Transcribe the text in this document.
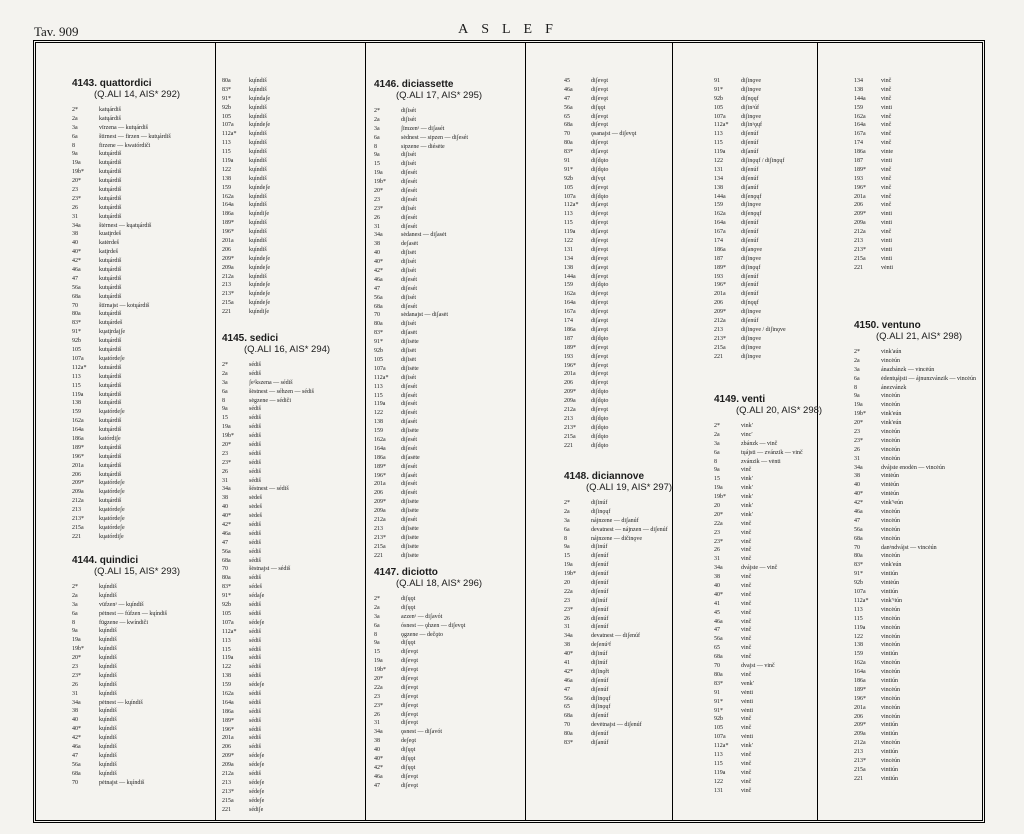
Tav. 909	ASLEF
4143. quattordici
(Q.ALI 14, AIS* 292)
2*	katųárdiš
2a	katųárdiš
3a	vīrzena — kutųárdiš
6a	štirnest — firzen — kutųárdiš
8	firzene — kwatórdiči
9a	kutųárdiš
19a	kutųárdiš
19b*	kutųárdiš
20*	kutųárdiš
23	kutųárdiš
23*	kutųárdiš
26	kutųárdiš
31	kutųárdiš
34a	štėrnest — kųatųárdiš
38	kuatįrdeš
40	katėrdeš
40*	katįrdeš
42*	kutųárdiš
46a	kutųárdiš
47	kutųárdiš
56a	kutųárdiš
68a	kutųárdiš
70	štīrnajst — kotųárdiš
80a	kutųárdiš
83*	kutųárdeš
91*	kųatįrdajʃe
92b	kutųárdiš
105	kutųárdiš
107a	kųatórdeʃe
112a*	kutuárdiš
113	kutųárdiš
115	kutųárdiš
119a	kutųárdiš
138	kutųárdiš
159	kųatórdeʃe
162a	kutųárdiš
164a	kutųárdiš
186a	katórdiʃe
189*	kutųárdiš
196*	kutųárdiš
201a	kutųárdiš
206	kutųárdiš
209*	kųatórdeʃe
209a	kųatórdeʃe
212a	kutųárdiš
213	kųatórdeʃe
213*	kųatórdeʃe
215a	kųatórdeʃe
221	kųatórdiʃe
4144. quindici
(Q.ALI 15, AIS* 293)
2*	kųíndiš
2a	kųíndiš
3a	vūfzenᵃ — kųíndiš
6a	pėtnest — fúfzen — kųíndiš
8	fūgzene — kwíndiči
9a	kųíndiš
19a	kųíndiš
19b*	kųíndiš
20*	kųíndiš
23	kųíndiš
23*	kųíndiš
26	kųíndiš
31	kųíndiš
34a	pėtnest — kųíndiš
38	kųíndiš
40	kųíndiš
40*	kųíndiš
42*	kųíndiš
46a	kųíndiš
47	kųíndiš
56a	kųíndiš
68a	kųíndiš
70	pėtnajst — kųíndiš
80a	kųíndiš
83*	kųíndiš
91*	kųíndaʃe
92b	kųíndiš
105	kųíndiš
107a	kųíndeʃe
112a*	kųíndiš
113	kųíndiš
115	kųíndiš
119a	kųíndiš
122	kųíndiš
138	kųíndiš
159	kųíndeʃe
162a	kųíndiš
164a	kųíndiš
186a	kųíndiʃe
189*	kųíndiš
196*	kųíndiš
201a	kųíndiš
206	kųíndiš
209*	kųíndeʃe
209a	kųíndeʃe
212a	kųíndiš
213	kųíndeʃe
213*	kųíndeʃe
215a	kųíndeʃe
221	kųíndiʃe
4145. sedici
(Q.ALI 16, AIS* 294)
2*	sédiš
2a	sédiš
3a	ʃeᵃkszena — sédiš
6a	šėstnest — séhzen — sédiš
8	sėgzene — sédiči
9a	sédiš
15	sédiš
19a	sédiš
19b*	sédiš
20*	sédiš
23	sédiš
23*	sédiš
26	sédiš
31	sédiš
34a	šéstnest — sédiš
38	sėdeš
40	sėdeš
40*	sėdeš
42*	sédiš
46a	sédiš
47	sédiš
56a	sédiš
68a	sédiš
70	šėstnajst — sédiš
80a	sédiš
83*	sédeš
91*	sédaʃe
92b	sédiš
105	sédiš
107a	sédeʃe
112a*	sédiš
113	sédiš
115	sédiš
119a	sédiš
122	sédiš
138	sédiš
159	sédeʃe
162a	sédiš
164a	sédiš
186a	sédiš
189*	sédiš
196*	sédiš
201a	sédiš
206	sédiš
209*	sédeʃe
209a	sédeʃe
212a	sédiš
213	sédeʃe
213*	sédeʃe
215a	sédeʃe
221	sédiʃe
4146. diciassette
(Q.ALI 17, AIS* 295)
2*	diʃisét
2a	diʃisét
3a	ʃīmzenᵃ — diʃasét
6a	sėdnest — sipzen — diʃesét
8	sipzene — diésėte
9a	diʃisét
15	diʃisét
19a	diʃesét
19b*	diʃesét
20*	diʃesét
23	diʃesét
23*	diʃisét
26	diʃesét
31	diʃesét
34a	sėdanest — diʃasėt
38	deʃasėt
40	diʃisėt
40*	diʃisét
42*	diʃisét
46a	diʃesét
47	diʃesét
56a	diʃisét
68a	diʃesét
70	sėdanajst — diʃasėt
80a	diʃisét
83*	diʃasėt
91*	diʃisėte
92b	diʃisėt
105	diʃisėt
107a	diʃisėte
112a*	diʃisét
113	diʃesét
115	diʃesét
119a	diʃesét
122	diʃesét
138	diʃasét
159	diʃisėte
162a	diʃesét
164a	diʃesét
186a	diʃasėte
189*	diʃesét
196*	diʃasét
201a	diʃesét
206	diʃesét
209*	diʃisėte
209a	diʃisėte
212a	diʃesét
213	diʃisėte
213*	diʃisėte
215a	diʃisėte
221	diʃisėte
4147. diciotto
(Q.ALI 18, AIS* 296)
2*	diʃųǫt
2a	diʃųǫt
3a	azzenᵃ — diʃavót
6a	ósnest — ǫhzen — diʃevǫt
8	ǫgzene — dečǫto
9a	diʃųǫt
15	diʃevǫt
19a	diʃevǫt
19b*	diʃevǫt
20*	diʃevǫt
22a	diʃevǫt
23	diʃevǫt
23*	diʃevǫt
26	diʃevǫt
31	diʃevǫt
34a	ǫsnest — diʃavót
38	deʃeǫt
40	diʃųǫt
40*	diʃųǫt
42*	diʃųǫt
46a	diʃevǫt
47	diʃevǫt
45	diʃevǫt
46a	diʃevǫt
47	diʃevǫt
56a	diʃųǫt
65	diʃevǫt
68a	diʃevǫt
70	ǫsanajst — diʃevǫt
80a	diʃevǫt
83*	diʃavǫt
91	diʃdǫto
91*	diʃdǫto
92b	diʃvǫt
105	diʃevǫt
107a	diʃdǫto
112a*	diʃavǫt
113	diʃevǫt
115	diʃevǫt
119a	diʃavǫt
122	diʃevǫt
131	diʃevǫt
134	diʃevǫt
138	diʃavǫt
144a	diʃevǫt
159	diʃdǫto
162a	diʃevǫt
164a	diʃevǫt
167a	diʃevǫt
174	diʃavǫt
186a	diʃavǫt
187	diʃdǫto
189*	diʃevǫt
193	diʃevǫt
196*	diʃevǫt
201a	diʃevǫt
206	diʃevǫt
209*	diʃdǫto
209a	diʃdǫto
212a	diʃevǫt
213	diʃdǫto
213*	diʃdǫto
215a	diʃdǫto
221	diʃdǫto
4148. diciannove
(Q.ALI 19, AIS* 297)
2*	diʃinúf
2a	diʃinǫųf
3a	nájnzene — diʃanúf
6a	devatnest — nájnzen — diʃenúf
8	nájnzene — dičinǫve
9a	diʃinúf
15	diʃenúf
19a	diʃenúf
19b*	diʃenúf
20	diʃenúf
22a	diʃenúf
23	diʃinúf
23*	diʃenúf
26	diʃenúf
31	diʃenúf
34a	devatnest — diʃenúf
38	deʃenúᵃf
40*	diʃinúf
41	diʃinúf
42*	diʃinǫřt
46a	diʃenúf
47	diʃenúf
56a	diʃinǫųf
65	diʃinǫųf
68a	diʃenúf
70	devėtnajst — diʃenúf
80a	diʃenúf
83*	diʃanúf
91	diʃinǫve
91*	diʃinǫve
92b	diʃnǫųf
105	diʃinᵃúf
107a	diʃinǫve
112a*	diʃinᵃǫųf
113	diʃenúf
115	diʃenúf
119a	diʃanúf
122	diʃinǫųf / diʃinǫųf
131	diʃenúf
134	diʃenúf
138	diʃanúf
144a	diʃenǫųf
159	diʃinǫve
162a	diʃenǫųf
164a	diʃenúf
167a	diʃenúf
174	diʃenúf
186a	diʃanǫve
187	diʃinǫve
189*	diʃinǫųf
193	diʃenúf
196*	diʃenúf
201a	diʃenúf
206	diʃnǫųf
209*	diʃinǫve
212a	diʃenúf
213	diʃinǫve / diʃinǫve
213*	diʃinǫve
215a	diʃinǫve
221	diʃinǫve
4149. venti
(Q.ALI 20, AIS* 298)
2*	vinkʹ
2a	vincʹ
3a	zbánzk — vinč
6a	tųájsti — zvánzik — vinč
8	zvánzik — vėnti
9a	vinč
15	vinkʹ
19a	vinkʹ
19b*	vinkʹ
20	vinkʹ
20*	vinkʹ
22a	vinč
23	vinč
23*	vinč
26	vinč
31	vinč
34a	dvájste — vinč
38	vinč
40	vinč
40*	vinč
41	vinč
45	vinč
46a	vinč
47	vinč
56a	vinč
65	vinč
68a	vinč
70	dvajst — vinč
80a	vinč
83*	venkʹ
91	vėnti
91*	vėnti
91*	vėnti
92b	vinč
105	vinč
107a	vėnti
112a*	vinkʹ
113	vinč
115	vinč
119a	vinč
122	vinč
131	vinč
134	vinč
138	vinč
144a	vinč
159	vinti
162a	vinč
164a	vinč
167a	vinč
174	vinč
186a	vinte
187	vinti
189*	vinč
193	vinč
196*	vinč
201a	vinč
206	vinč
209*	vinti
209a	vinti
212a	vinč
213	vinti
213*	vinti
215a	vinti
221	vėnti
4150. ventuno
(Q.ALI 21, AIS* 298)
2*	vink'aún
2a	vincėún
3a	ánazbánzk — vincėún
6a	ėdentųájsti — ájnunzvánzik — vincėún
8	ánezvánzk
9a	vincėún
19a	vincėún
19b*	vink'eún
20*	vink'eún
23	vincėún
23*	vincėún
26	vincėún
31	vincėún
34a	dvájste enodėn — vincėún
38	vintėún
40	vintėún
40*	vintėún
42*	vink'ᵃeún
46a	vincėún
47	vincėún
56a	vincėún
68a	vincėún
70	danᵃndvájst — vincėún
80a	vincėún
83*	vink'eún
91*	vintiún
92b	vintėún
107a	vintiún
112a*	vink'ᵃiún
113	vincėún
115	vincėún
119a	vincėún
122	vincėún
138	vincėún
159	vintiún
162a	vincėún
164a	vincėún
186a	vintiún
189*	vincėún
196*	vincėún
201a	vincėún
206	vincėún
209*	vintiún
209a	vintiún
212a	vincėún
213	vintiún
213*	vincėún
215a	vintiún
221	vintiún
